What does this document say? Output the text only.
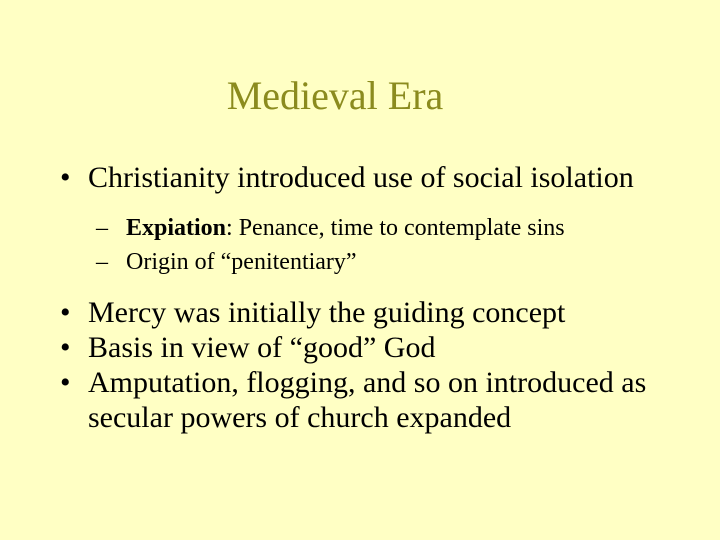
Medieval Era
• Christianity introduced use of social isolation
– Expiation: Penance, time to contemplate sins
– Origin of “penitentiary”
• Mercy was initially the guiding concept
• Basis in view of “good” God
• Amputation, flogging, and so on introduced as secular powers of church expanded
